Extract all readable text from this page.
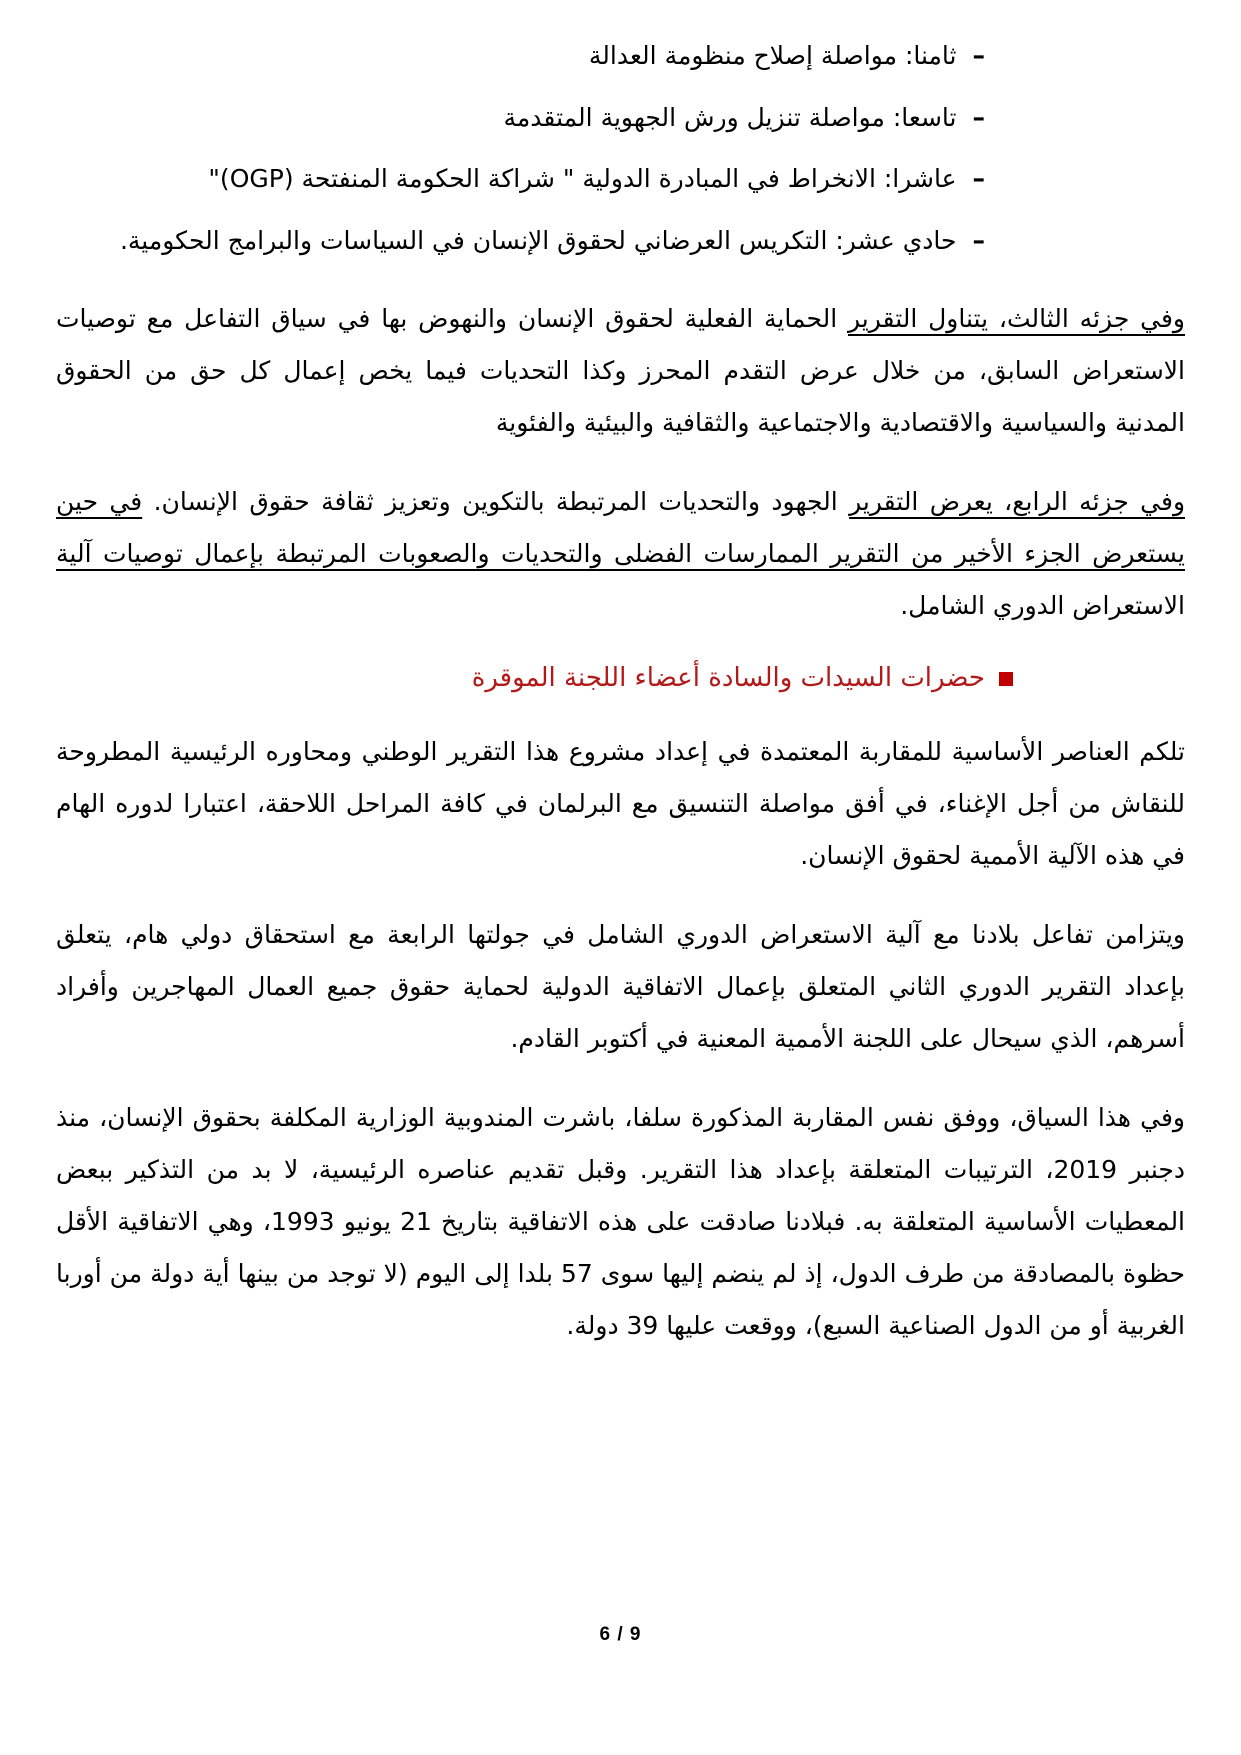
–
ثامنا: مواصلة إصلاح منظومة العدالة
–
تاسعا: مواصلة تنزيل ورش الجهوية المتقدمة
–
عاشرا: الانخراط في المبادرة الدولية " شراكة الحكومة المنفتحة (OGP)"
–
حادي عشر: التكريس العرضاني لحقوق الإنسان في السياسات والبرامج الحكومية.

وفي جزئه الثالث، يتناول التقرير الحماية الفعلية لحقوق الإنسان والنهوض بها في سياق التفاعل مع توصيات الاستعراض السابق، من خلال عرض التقدم المحرز وكذا التحديات فيما يخص إعمال كل حق من الحقوق المدنية والسياسية والاقتصادية والاجتماعية والثقافية والبيئية والفئوية

وفي جزئه الرابع، يعرض التقرير الجهود والتحديات المرتبطة بالتكوين وتعزيز ثقافة حقوق الإنسان. في حين يستعرض الجزء الأخير من التقرير الممارسات الفضلى والتحديات والصعوبات المرتبطة بإعمال توصيات آلية الاستعراض الدوري الشامل.

حضرات السيدات والسادة أعضاء اللجنة الموقرة

تلكم العناصر الأساسية للمقاربة المعتمدة في إعداد مشروع هذا التقرير الوطني ومحاوره الرئيسية المطروحة للنقاش من أجل الإغناء، في أفق مواصلة التنسيق مع البرلمان في كافة المراحل اللاحقة، اعتبارا لدوره الهام في هذه الآلية الأممية لحقوق الإنسان.

ويتزامن تفاعل بلادنا مع آلية الاستعراض الدوري الشامل في جولتها الرابعة مع استحقاق دولي هام، يتعلق بإعداد التقرير الدوري الثاني المتعلق بإعمال الاتفاقية الدولية لحماية حقوق جميع العمال المهاجرين وأفراد أسرهم، الذي سيحال على اللجنة الأممية المعنية في أكتوبر القادم.

وفي هذا السياق، ووفق نفس المقاربة المذكورة سلفا، باشرت المندوبية الوزارية المكلفة بحقوق الإنسان، منذ دجنبر 2019، الترتيبات المتعلقة بإعداد هذا التقرير. وقبل تقديم عناصره الرئيسية، لا بد من التذكير ببعض المعطيات الأساسية المتعلقة به. فبلادنا صادقت على هذه الاتفاقية بتاريخ 21 يونيو 1993، وهي الاتفاقية الأقل حظوة بالمصادقة من طرف الدول، إذ لم ينضم إليها سوى 57 بلدا إلى اليوم (لا توجد من بينها أية دولة من أوربا الغربية أو من الدول الصناعية السبع)، ووقعت عليها 39 دولة.

6 / 9
